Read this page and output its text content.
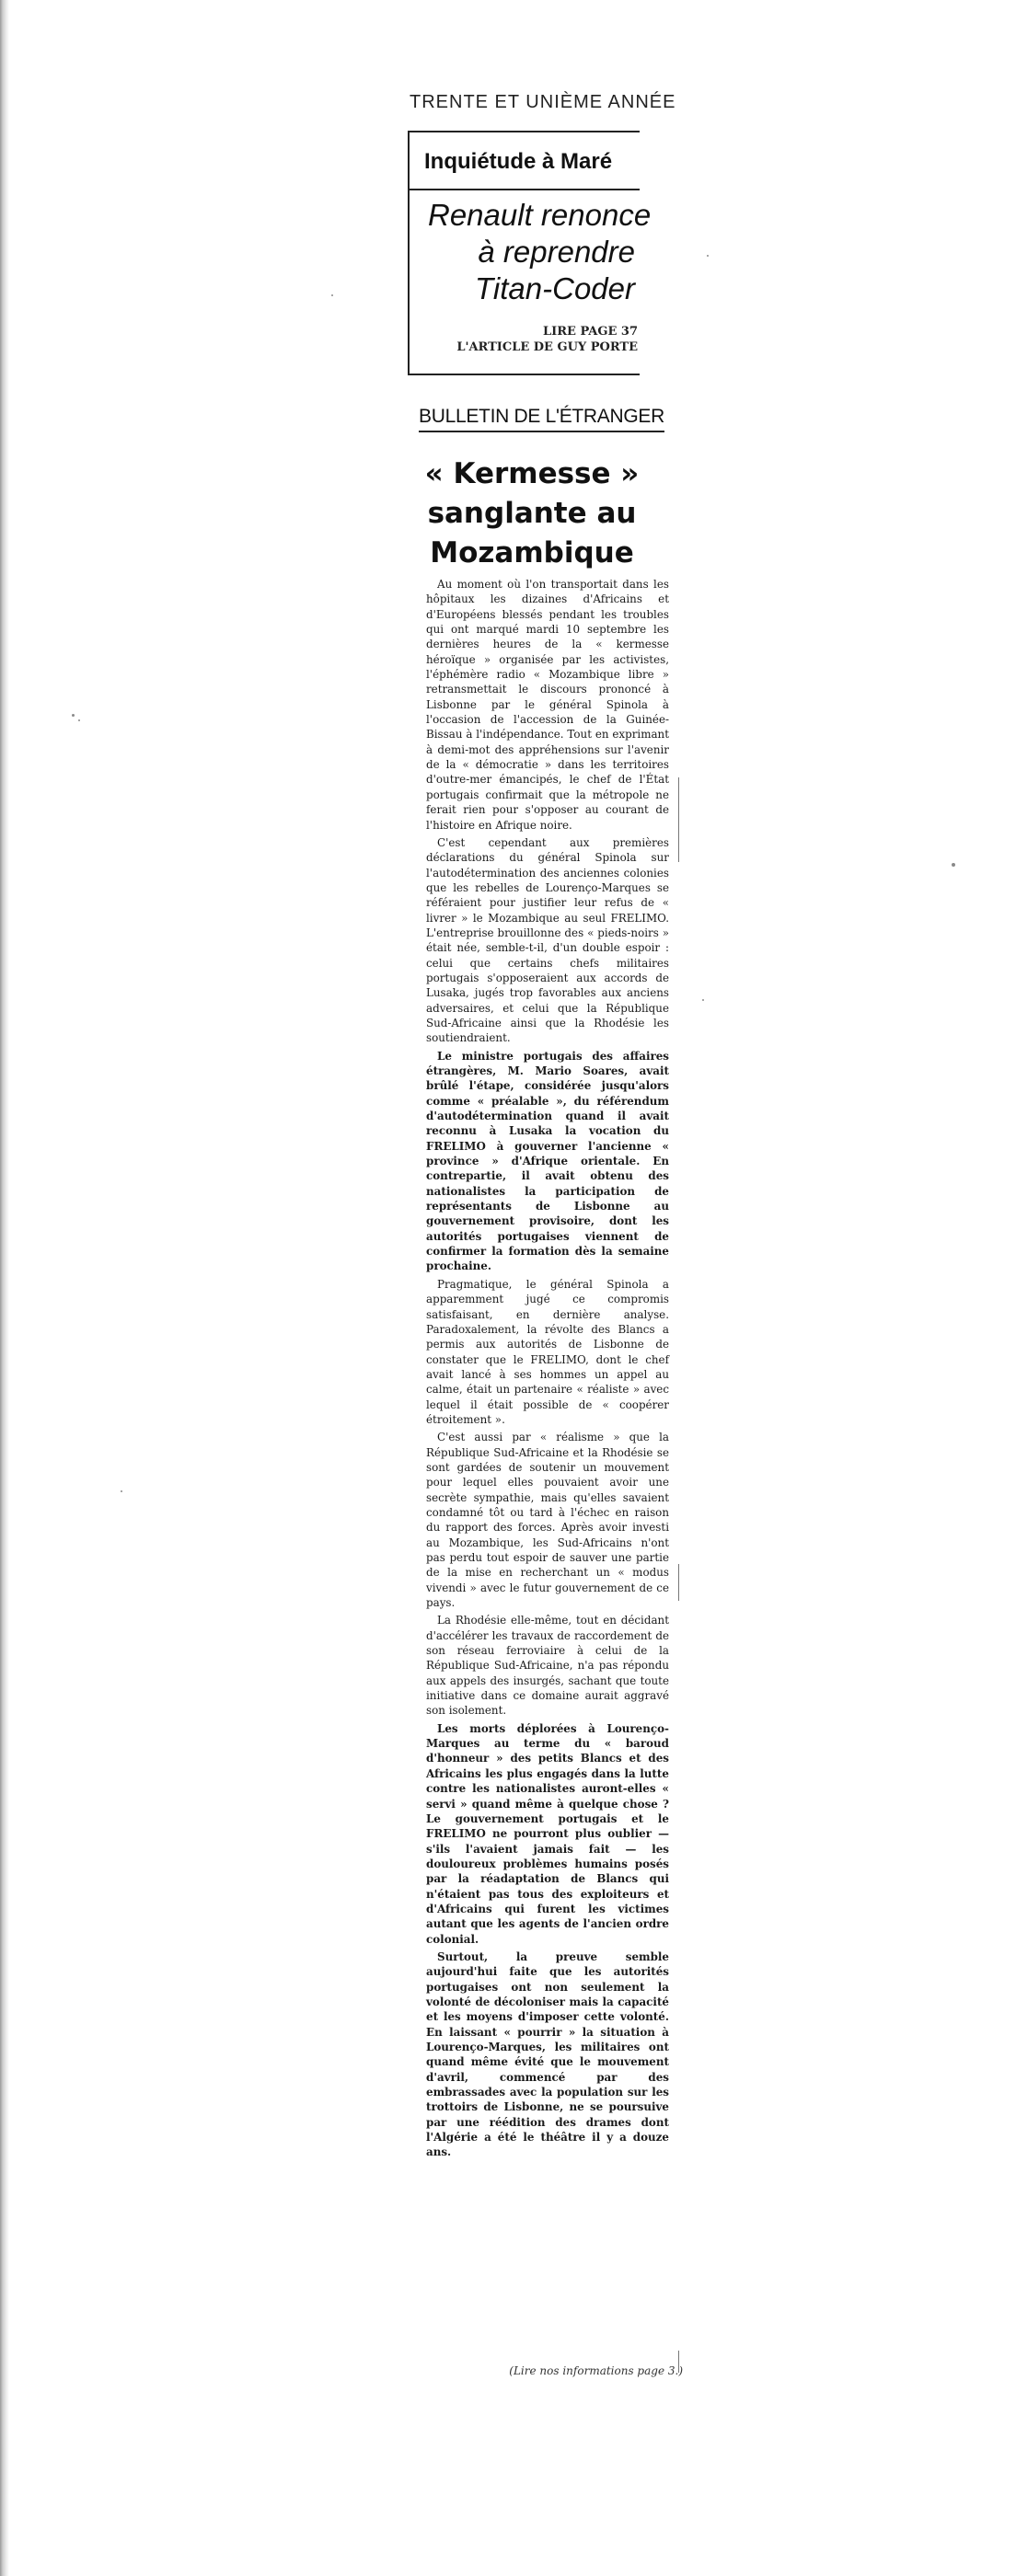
TRENTE ET UNIÈME ANNÉE
Inquiétude à Maré
Renault renonce
à reprendre
Titan-Coder
LIRE PAGE 37
L'ARTICLE DE GUY PORTE
BULLETIN DE L'ÉTRANGER
« Kermesse »
sanglante au
Mozambique

Au moment où l'on transportait dans les hôpitaux les dizaines d'Africains et d'Européens blessés pendant les troubles qui ont marqué mardi 10 septembre les dernières heures de la « kermesse héroïque » organisée par les activistes, l'éphémère radio « Mozambique libre » retransmettait le discours prononcé à Lisbonne par le général Spinola à l'occasion de l'accession de la Guinée-Bissau à l'indépendance. Tout en exprimant à demi-mot des appréhensions sur l'avenir de la « démocratie » dans les territoires d'outre-mer émancipés, le chef de l'État portugais confirmait que la métropole ne ferait rien pour s'opposer au courant de l'histoire en Afrique noire.

C'est cependant aux premières déclarations du général Spinola sur l'autodétermination des anciennes colonies que les rebelles de Lourenço-Marques se référaient pour justifier leur refus de « livrer » le Mozambique au seul FRELIMO. L'entreprise brouillonne des « pieds-noirs » était née, semble-t-il, d'un double espoir : celui que certains chefs militaires portugais s'opposeraient aux accords de Lusaka, jugés trop favorables aux anciens adversaires, et celui que la République Sud-Africaine ainsi que la Rhodésie les soutiendraient.

Le ministre portugais des affaires étrangères, M. Mario Soares, avait brûlé l'étape, considérée jusqu'alors comme « préalable », du référendum d'autodétermination quand il avait reconnu à Lusaka la vocation du FRELIMO à gouverner l'ancienne « province » d'Afrique orientale. En contrepartie, il avait obtenu des nationalistes la participation de représentants de Lisbonne au gouvernement provisoire, dont les autorités portugaises viennent de confirmer la formation dès la semaine prochaine.

Pragmatique, le général Spinola a apparemment jugé ce compromis satisfaisant, en dernière analyse. Paradoxalement, la révolte des Blancs a permis aux autorités de Lisbonne de constater que le FRELIMO, dont le chef avait lancé à ses hommes un appel au calme, était un partenaire « réaliste » avec lequel il était possible de « coopérer étroitement ».

C'est aussi par « réalisme » que la République Sud-Africaine et la Rhodésie se sont gardées de soutenir un mouvement pour lequel elles pouvaient avoir une secrète sympathie, mais qu'elles savaient condamné tôt ou tard à l'échec en raison du rapport des forces. Après avoir investi au Mozambique, les Sud-Africains n'ont pas perdu tout espoir de sauver une partie de la mise en recherchant un « modus vivendi » avec le futur gouvernement de ce pays.

La Rhodésie elle-même, tout en décidant d'accélérer les travaux de raccordement de son réseau ferroviaire à celui de la République Sud-Africaine, n'a pas répondu aux appels des insurgés, sachant que toute initiative dans ce domaine aurait aggravé son isolement.

Les morts déplorées à Lourenço-Marques au terme du « baroud d'honneur » des petits Blancs et des Africains les plus engagés dans la lutte contre les nationalistes auront-elles « servi » quand même à quelque chose ? Le gouvernement portugais et le FRELIMO ne pourront plus oublier — s'ils l'avaient jamais fait — les douloureux problèmes humains posés par la réadaptation de Blancs qui n'étaient pas tous des exploiteurs et d'Africains qui furent les victimes autant que les agents de l'ancien ordre colonial.

Surtout, la preuve semble aujourd'hui faite que les autorités portugaises ont non seulement la volonté de décoloniser mais la capacité et les moyens d'imposer cette volonté. En laissant « pourrir » la situation à Lourenço-Marques, les militaires ont quand même évité que le mouvement d'avril, commencé par des embrassades avec la population sur les trottoirs de Lisbonne, ne se poursuive par une réédition des drames dont l'Algérie a été le théâtre il y a douze ans.

(Lire nos informations page 3.)
